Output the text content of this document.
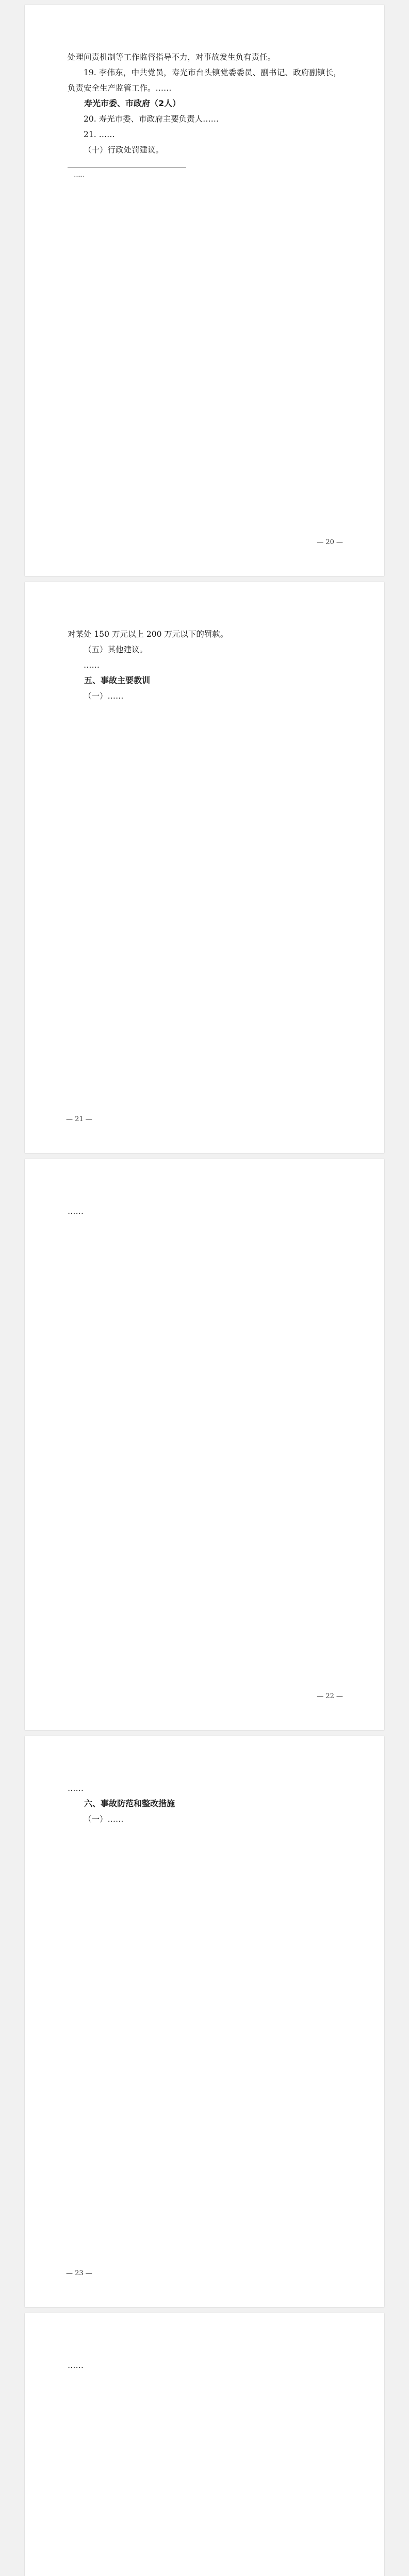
处理问责机制等工作监督指导不力，对事故发生负有责任。

19. 李伟东，中共党员，寿光市台头镇党委委员、副书记、政府副镇长，负责安全生产监管工作。……

寿光市委、市政府（2人）

20. 寿光市委、市政府主要负责人……

21. ……

（十）行政处罚建议。

……

— 20 —

对某处 150 万元以上 200 万元以下的罚款。

（五）其他建议。

……

五、事故主要教训

（一）……

— 21 —

……

— 22 —

……

六、事故防范和整改措施

（一）……

— 23 —

……
